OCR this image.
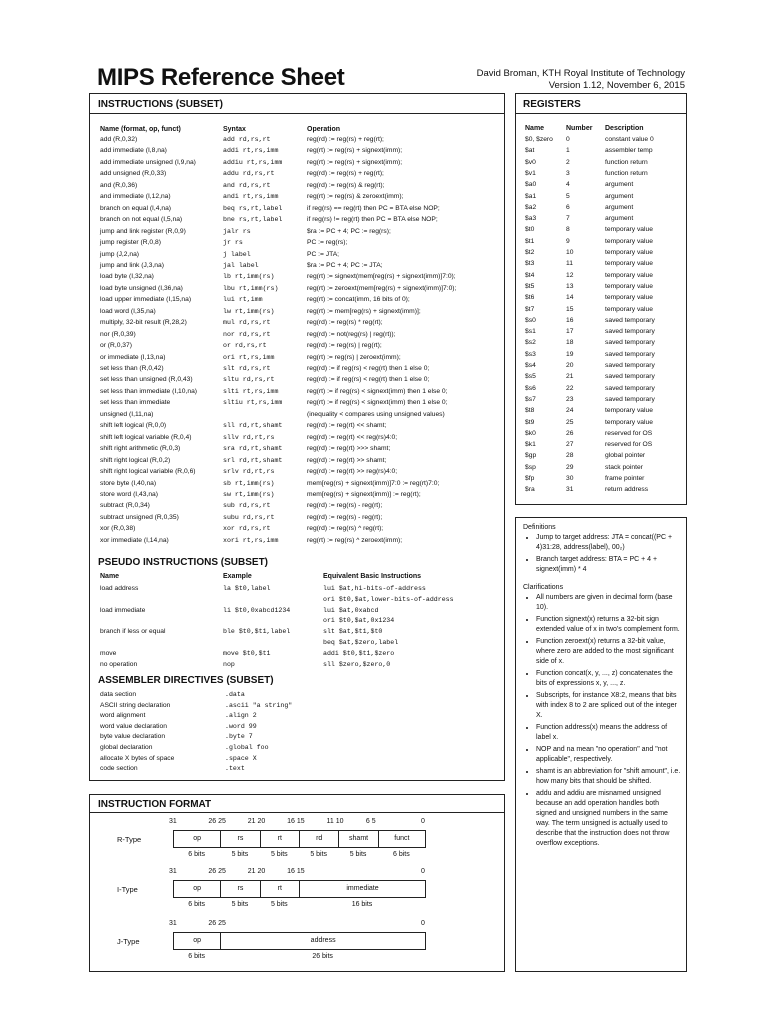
MIPS Reference Sheet	David Broman, KTH Royal Institute of Technology
Version 1.12, November 6, 2015
INSTRUCTIONS (SUBSET)
Name (format, op, funct)	Syntax	Operation
add (R,0,32)	add rd,rs,rt	reg(rd) := reg(rs) + reg(rt);
add immediate (I,8,na)	addi rt,rs,imm	reg(rt) := reg(rs) + signext(imm);
add immediate unsigned (I,9,na)	addiu rt,rs,imm	reg(rt) := reg(rs) + signext(imm);
add unsigned (R,0,33)	addu rd,rs,rt	reg(rd) := reg(rs) + reg(rt);
and (R,0,36)	and rd,rs,rt	reg(rd) := reg(rs) & reg(rt);
and immediate (I,12,na)	andi rt,rs,imm	reg(rt) := reg(rs) & zeroext(imm);
branch on equal (I,4,na)	beq rs,rt,label	if reg(rs) == reg(rt) then PC = BTA else NOP;
branch on not equal (I,5,na)	bne rs,rt,label	if reg(rs) != reg(rt) then PC = BTA else NOP;
jump and link register (R,0,9)	jalr rs	$ra := PC + 4; PC := reg(rs);
jump register (R,0,8)	jr rs	PC := reg(rs);
jump (J,2,na)	j label	PC := JTA;
jump and link (J,3,na)	jal label	$ra := PC + 4; PC := JTA;
load byte (I,32,na)	lb rt,imm(rs)	reg(rt) := signext(mem[reg(rs) + signext(imm)]7:0);
load byte unsigned (I,36,na)	lbu rt,imm(rs)	reg(rt) := zeroext(mem[reg(rs) + signext(imm)]7:0);
load upper immediate (I,15,na)	lui rt,imm	reg(rt) := concat(imm, 16 bits of 0);
load word (I,35,na)	lw rt,imm(rs)	reg(rt) := mem[reg(rs) + signext(imm)];
multiply, 32-bit result (R,28,2)	mul rd,rs,rt	reg(rd) := reg(rs) * reg(rt);
nor (R,0,39)	nor rd,rs,rt	reg(rd) := not(reg(rs) | reg(rt));
or (R,0,37)	or rd,rs,rt	reg(rd) := reg(rs) | reg(rt);
or immediate (I,13,na)	ori rt,rs,imm	reg(rt) := reg(rs) | zeroext(imm);
set less than (R,0,42)	slt rd,rs,rt	reg(rd) := if reg(rs) < reg(rt) then 1 else 0;
set less than unsigned (R,0,43)	sltu rd,rs,rt	reg(rd) := if reg(rs) < reg(rt) then 1 else 0;
set less than immediate (I,10,na)	slti rt,rs,imm	reg(rt) := if reg(rs) < signext(imm) then 1 else 0;
set less than immediate	sltiu rt,rs,imm	reg(rt) := if reg(rs) < signext(imm) then 1 else 0;
unsigned (I,11,na)	(inequality < compares using unsigned values)
shift left logical (R,0,0)	sll rd,rt,shamt	reg(rd) := reg(rt) << shamt;
shift left logical variable (R,0,4)	sllv rd,rt,rs	reg(rd) := reg(rt) << reg(rs)4:0;
shift right arithmetic (R,0,3)	sra rd,rt,shamt	reg(rd) := reg(rt) >>> shamt;
shift right logical (R,0,2)	srl rd,rt,shamt	reg(rd) := reg(rt) >> shamt;
shift right logical variable (R,0,6)	srlv rd,rt,rs	reg(rd) := reg(rt) >> reg(rs)4:0;
store byte (I,40,na)	sb rt,imm(rs)	mem[reg(rs) + signext(imm)]7:0 := reg(rt)7:0;
store word (I,43,na)	sw rt,imm(rs)	mem[reg(rs) + signext(imm)] := reg(rt);
subtract (R,0,34)	sub rd,rs,rt	reg(rd) := reg(rs) - reg(rt);
subtract unsigned (R,0,35)	subu rd,rs,rt	reg(rd) := reg(rs) - reg(rt);
xor (R,0,38)	xor rd,rs,rt	reg(rd) := reg(rs) ^ reg(rt);
xor immediate (I,14,na)	xori rt,rs,imm	reg(rt) := reg(rs) ^ zeroext(imm);
PSEUDO INSTRUCTIONS (SUBSET)
Name	Example	Equivalent Basic Instructions
load address	la $t0,label	lui $at,hi-bits-of-address
ori $t0,$at,lower-bits-of-address
load immediate	li $t0,0xabcd1234	lui $at,0xabcd
ori $t0,$at,0x1234
branch if less or equal	ble $t0,$t1,label	slt $at,$t1,$t0
beq $at,$zero,label
move	move $t0,$t1	addi $t0,$t1,$zero
no operation	nop	sll $zero,$zero,0
ASSEMBLER DIRECTIVES (SUBSET)
data section	.data
ASCII string declaration	.ascii "a string"
word alignment	.align 2
word value declaration	.word 99
byte value declaration	.byte 7
global declaration	.global foo
allocate X bytes of space	.space X
code section	.text
INSTRUCTION FORMAT
R-Type	op
6 bits
rs
5 bits
rt
5 bits
rd
5 bits
shamt
5 bits
funct
6 bits
31	26 25	21 20	16 15	11 10	6 5	0
I-Type	op
6 bits
rs
5 bits
rt
5 bits
immediate
16 bits
31	26 25	21 20	16 15	0
J-Type	op
6 bits
address
26 bits
31	26 25	0
REGISTERS
Name	Number Description
$0, $zero 0	constant value 0
$at	1	assembler temp
$v0	2	function return
$v1	3	function return
$a0	4	argument
$a1	5	argument
$a2	6	argument
$a3	7	argument
$t0	8	temporary value
$t1	9	temporary value
$t2	10	temporary value
$t3	11	temporary value
$t4	12	temporary value
$t5	13	temporary value
$t6	14	temporary value
$t7	15	temporary value
$s0	16	saved temporary
$s1	17	saved temporary
$s2	18	saved temporary
$s3	19	saved temporary
$s4	20	saved temporary
$s5	21	saved temporary
$s6	22	saved temporary
$s7	23	saved temporary
$t8	24	temporary value
$t9	25	temporary value
$k0	26	reserved for OS
$k1	27	reserved for OS
$gp	28	global pointer
$sp	29	stack pointer
$fp	30	frame pointer
$ra	31	return address
Definitions
• Jump to target address: JTA = concat((PC + 4)31:28, address(label), 00₂)
• Branch target address: BTA = PC + 4 + signext(imm) * 4
Clarifications
• All numbers are given in decimal form (base 10).
• Function signext(x) returns a 32-bit sign extended value of x in two's complement form.
• Function zeroext(x) returns a 32-bit value, where zero are added to the most significant side of x.
• Function concat(x, y, ..., z) concatenates the bits of expressions x, y, ..., z.
• Subscripts, for instance X8:2, means that bits with index 8 to 2 are spliced out of the integer X.
• Function address(x) means the address of label x.
• NOP and na mean "no operation" and "not applicable", respectively.
• shamt is an abbreviation for "shift amount", i.e. how many bits that should be shifted.
• addu and addiu are misnamed unsigned because an add operation handles both signed and unsigned numbers in the same way. The term unsigned is actually used to describe that the instruction does not throw overflow exceptions.
